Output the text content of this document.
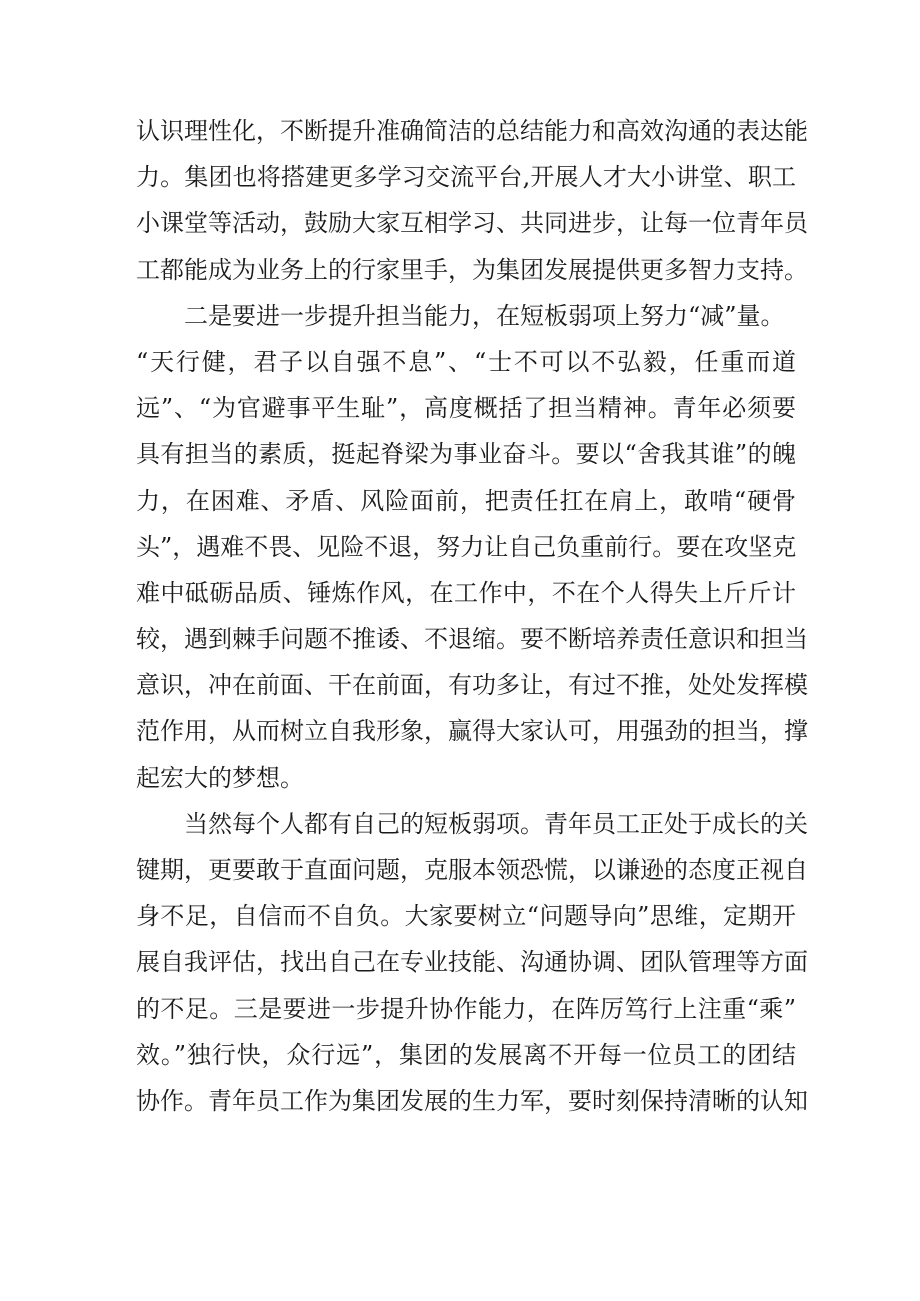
认识理性化，不断提升准确简洁的总结能力和高效沟通的表达能
力。集团也将搭建更多学习交流平台,开展人才大小讲堂、职工
小课堂等活动，鼓励大家互相学习、共同进步，让每一位青年员
工都能成为业务上的行家里手，为集团发展提供更多智力支持。
二是要进一步提升担当能力，在短板弱项上努力“减”量。
“天行健，君子以自强不息”、“士不可以不弘毅，任重而道
远”、“为官避事平生耻”，高度概括了担当精神。青年必须要
具有担当的素质，挺起脊梁为事业奋斗。要以“舍我其谁”的魄
力，在困难、矛盾、风险面前，把责任扛在肩上，敢啃“硬骨
头”，遇难不畏、见险不退，努力让自己负重前行。要在攻坚克
难中砥砺品质、锤炼作风，在工作中，不在个人得失上斤斤计
较，遇到棘手问题不推诿、不退缩。要不断培养责任意识和担当
意识，冲在前面、干在前面，有功多让，有过不推，处处发挥模
范作用，从而树立自我形象，赢得大家认可，用强劲的担当，撑
起宏大的梦想。
当然每个人都有自己的短板弱项。青年员工正处于成长的关
键期，更要敢于直面问题，克服本领恐慌，以谦逊的态度正视自
身不足，自信而不自负。大家要树立“问题导向”思维，定期开
展自我评估，找出自己在专业技能、沟通协调、团队管理等方面
的不足。三是要进一步提升协作能力，在阵厉笃行上注重“乘”
效。”独行快，众行远”，集团的发展离不开每一位员工的团结
协作。青年员工作为集团发展的生力军，要时刻保持清晰的认知
